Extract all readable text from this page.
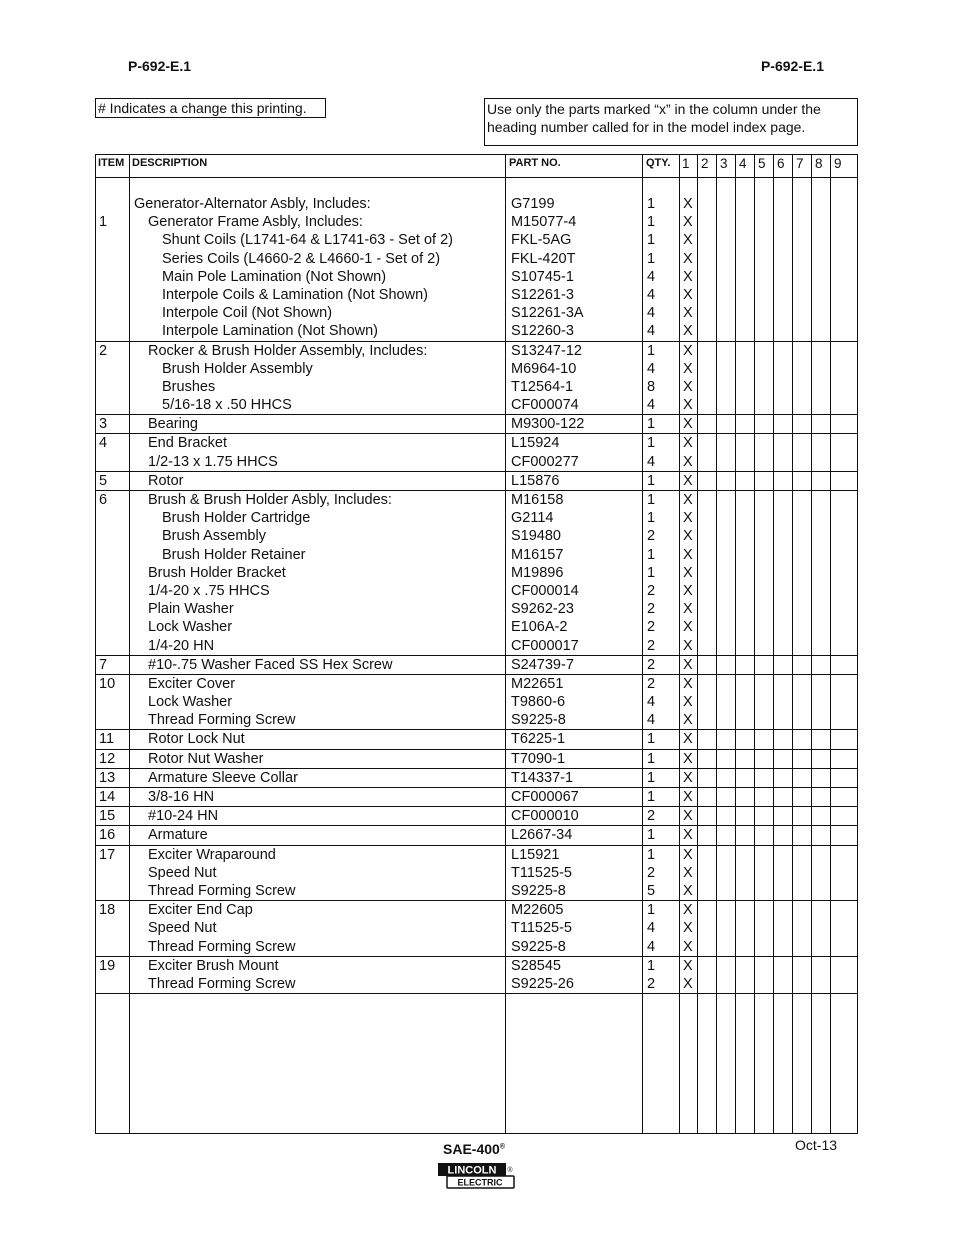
P-692-E.1	P-692-E.1
# Indicates a change this printing.	Use only the parts marked “x” in the column under the heading number called for in the model index page.
ITEM DESCRIPTION	PART NO.	QTY. 1 2 3 4 5 6 7 8 9
Generator-Alternator Asbly, Includes:	G7199	1 X
1	Generator Frame Asbly, Includes:	M15077-4	1 X
Shunt Coils (L1741-64 & L1741-63 - Set of 2)	FKL-5AG	1 X
Series Coils (L4660-2 & L4660-1 - Set of 2)	FKL-420T	1 X
Main Pole Lamination (Not Shown)	S10745-1	4 X
Interpole Coils & Lamination (Not Shown)	S12261-3	4 X
Interpole Coil (Not Shown)	S12261-3A	4 X
Interpole Lamination (Not Shown)	S12260-3	4 X
2	Rocker & Brush Holder Assembly, Includes:	S13247-12	1 X
Brush Holder Assembly	M6964-10	4 X
Brushes	T12564-1	8 X
5/16-18 x .50 HHCS	CF000074	4 X
3	Bearing	M9300-122	1 X
4	End Bracket	L15924	1 X
1/2-13 x 1.75 HHCS	CF000277	4 X
5	Rotor	L15876	1 X
6	Brush & Brush Holder Asbly, Includes:	M16158	1 X
Brush Holder Cartridge	G2114	1 X
Brush Assembly	S19480	2 X
Brush Holder Retainer	M16157	1 X
Brush Holder Bracket	M19896	1 X
1/4-20 x .75 HHCS	CF000014	2 X
Plain Washer	S9262-23	2 X
Lock Washer	E106A-2	2 X
1/4-20 HN	CF000017	2 X
7	#10-.75 Washer Faced SS Hex Screw	S24739-7	2 X
10	Exciter Cover	M22651	2 X
Lock Washer	T9860-6	4 X
Thread Forming Screw	S9225-8	4 X
11	Rotor Lock Nut	T6225-1	1 X
12	Rotor Nut Washer	T7090-1	1 X
13	Armature Sleeve Collar	T14337-1	1 X
14	3/8-16 HN	CF000067	1 X
15	#10-24 HN	CF000010	2 X
16	Armature	L2667-34	1 X
17	Exciter Wraparound	L15921	1 X
Speed Nut	T11525-5	2 X
Thread Forming Screw	S9225-8	5 X
18	Exciter End Cap	M22605	1 X
Speed Nut	T11525-5	4 X
Thread Forming Screw	S9225-8	4 X
19	Exciter Brush Mount	S28545	1 X
Thread Forming Screw	S9225-26	2 X
SAE-400®	Oct-13
LINCOLN
ELECTRIC
®
